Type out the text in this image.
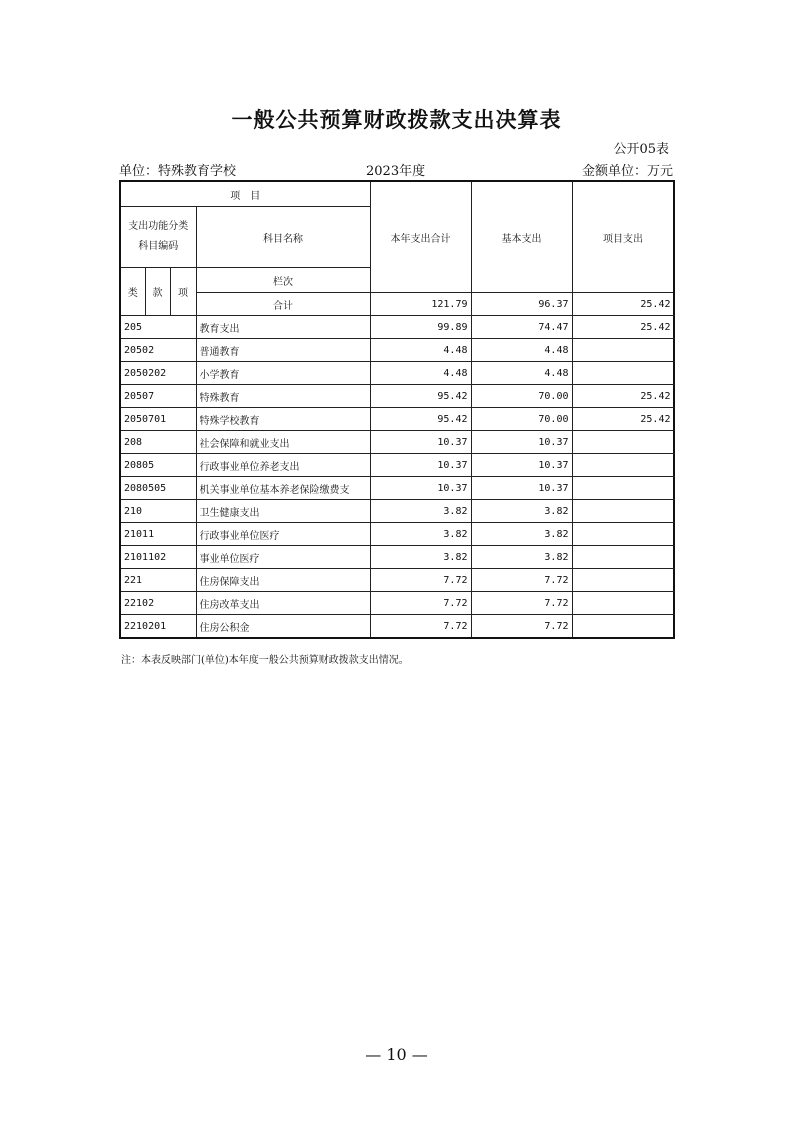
一般公共预算财政拨款支出决算表
公开05表
单位：特殊教育学校	2023年度	金额单位：万元
项　目				本年支出合计	基本支出	项目支出	

支出功能分类
科目编码			科目名称				
类	款	项	栏次			
			合计	121.79	96.37	25.42	
205			教育支出	99.89	74.47	25.42	
20502			普通教育	4.48	4.48		
2050202			小学教育	4.48	4.48		
20507			特殊教育	95.42	70.00	25.42	
2050701			特殊学校教育	95.42	70.00	25.42	
208			社会保障和就业支出	10.37	10.37		
20805			行政事业单位养老支出	10.37	10.37		
2080505			机关事业单位基本养老保险缴费支	10.37	10.37		
210			卫生健康支出	3.82	3.82		
21011			行政事业单位医疗	3.82	3.82		
2101102			事业单位医疗	3.82	3.82		
221			住房保障支出	7.72	7.72		
22102			住房改革支出	7.72	7.72		
2210201			住房公积金	7.72	7.72		
注：本表反映部门(单位)本年度一般公共预算财政拨款支出情况。
— 10 —
